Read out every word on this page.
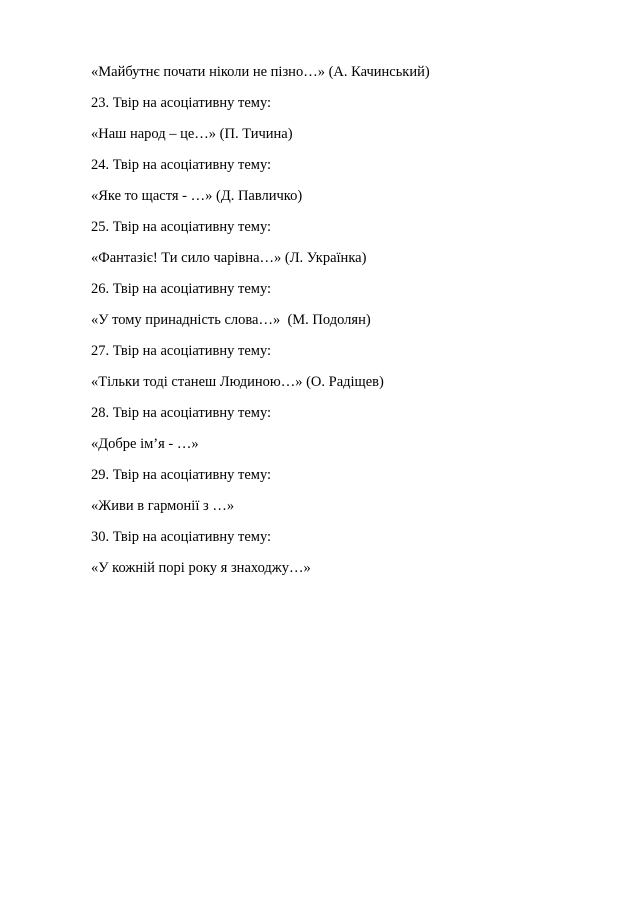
«Майбутнє почати ніколи не пізно…» (А. Качинський)
23. Твір на асоціативну тему:
«Наш народ – це…» (П. Тичина)
24. Твір на асоціативну тему:
«Яке то щастя - …» (Д. Павличко)
25. Твір на асоціативну тему:
«Фантазіє! Ти сило чарівна…» (Л. Українка)
26. Твір на асоціативну тему:
«У тому принадність слова…»  (М. Подолян)
27. Твір на асоціативну тему:
«Тільки тоді станеш Людиною…» (О. Радіщев)
28. Твір на асоціативну тему:
«Добре ім’я - …»
29. Твір на асоціативну тему:
«Живи в гармонії з …»
30. Твір на асоціативну тему:
«У кожній порі року я знаходжу…»
